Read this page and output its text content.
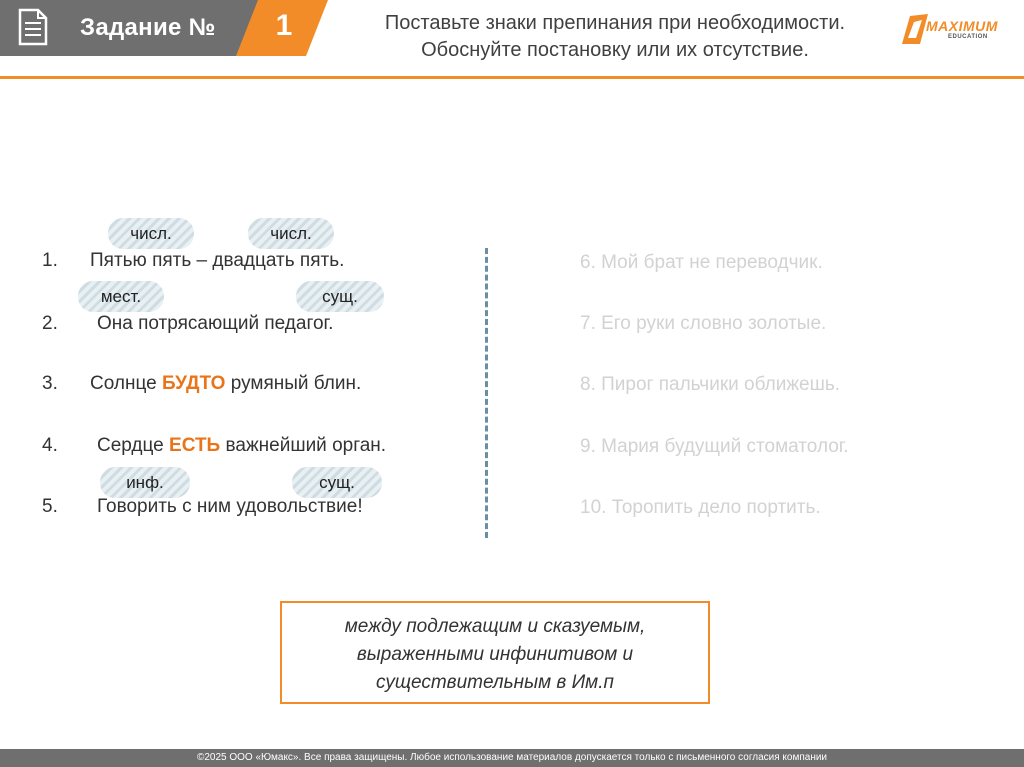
Задание №	1	Поставьте знаки препинания при необходимости.
Обоснуйте постановку или их отсутствие.
MAXIMUM
EDUCATION
числ.	числ.
мест.	сущ.
инф.	сущ.
1. Пятью пять – двадцать пять.
2. Она потрясающий педагог.
3. Солнце БУДТО румяный блин.
4. Сердце ЕСТЬ важнейший орган.
5. Говорить с ним удовольствие!
6. Мой брат не переводчик.
7. Его руки словно золотые.
8. Пирог пальчики оближешь.
9. Мария будущий стоматолог.
10. Торопить дело портить.
между подлежащим и сказуемым,
выраженными инфинитивом и
существительным в Им.п
©2025 ООО «Юмакс». Все права защищены. Любое использование материалов допускается только с письменного согласия компании
